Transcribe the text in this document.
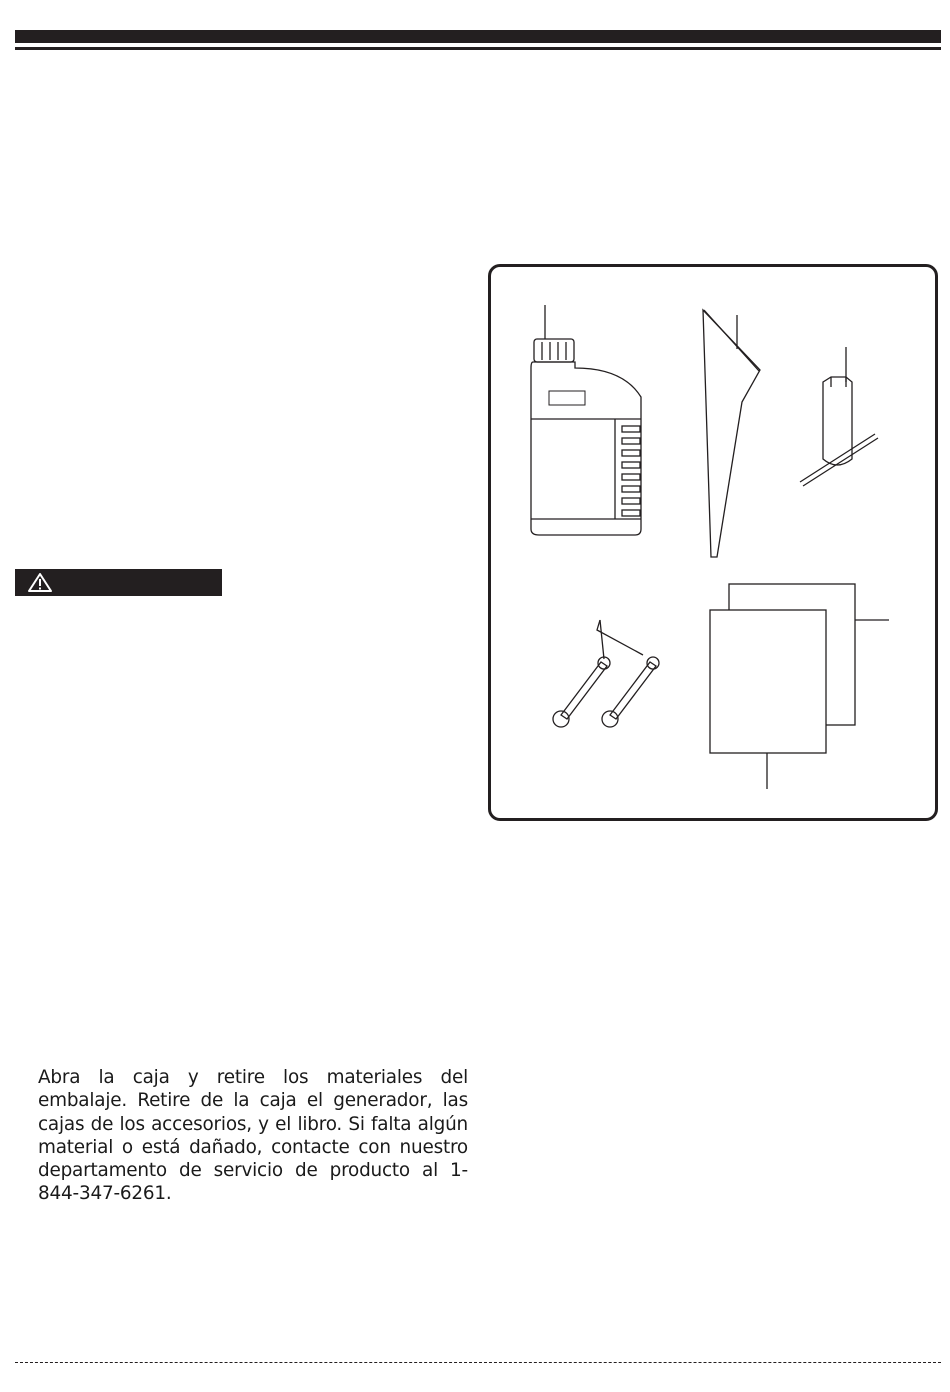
Abra la caja y retire los materiales del embalaje. Retire de la caja el generador, las cajas de los accesorios, y el libro. Si falta algún material o está dañado, contacte con nuestro departamento de servicio de producto al 1-844-347-6261.
